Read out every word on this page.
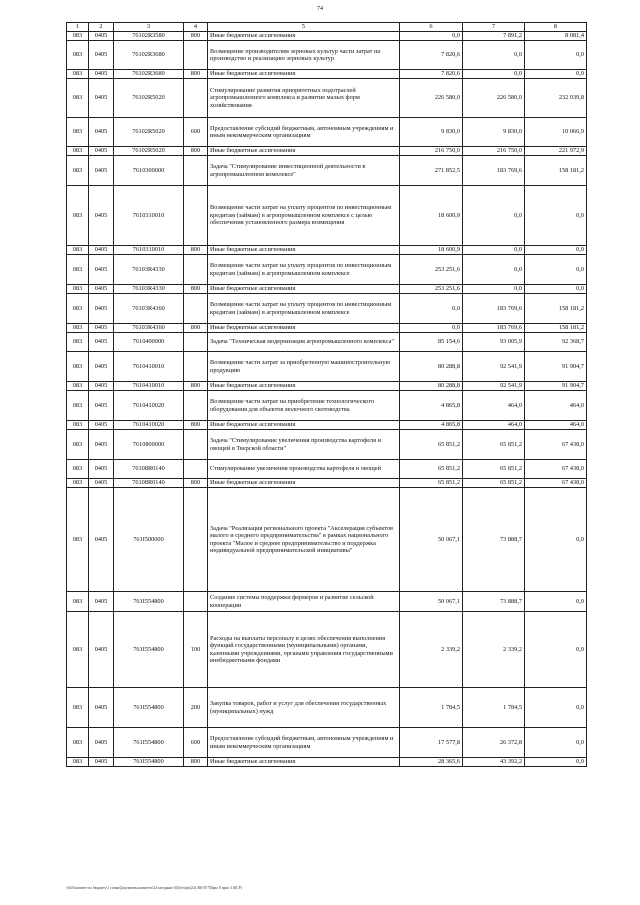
74
1	2	3	4	5	6	7	8
083	0405	76102R3580	800	Иные бюджетные ассигнования	0,0	7 891,2	8 081,4
083	0405	76102R3680		Возмещение производителям зерновых культур части затрат на производство и реализацию зерновых культур	7 820,6	0,0	0,0
083	0405	76102R3680	800	Иные бюджетные ассигнования	7 820,6	0,0	0,0
083	0405	76102R5020		Стимулирование развития приоритетных подотраслей агропромышленного комплекса и развитие малых форм хозяйствования	226 580,0	226 580,0	232 039,8
083	0405	76102R5020	600	Предоставление субсидий бюджетным, автономным учреждениям и иным некоммерческим организациям	9 830,0	9 830,0	10 066,9
083	0405	76102R5020	800	Иные бюджетные ассигнования	216 750,0	216 750,0	221 972,9
083	0405	7610300000		Задача "Стимулирование инвестиционной деятельности в агропромышленном комплексе"	271 852,5	183 769,6	158 181,2
083	0405	7610310010		Возмещение части затрат на уплату процентов по инвестиционным кредитам (займам) в агропромышленном комплексе с целью обеспечения установленного размера возмещения	18 600,9	0,0	0,0
083	0405	7610310010	800	Иные бюджетные ассигнования	18 600,9	0,0	0,0
083	0405	76103R4330		Возмещение части затрат на уплату процентов по инвестиционным кредитам (займам) в агропромышленном комплексе	253 251,6	0,0	0,0
083	0405	76103R4330	800	Иные бюджетные ассигнования	253 251,6	0,0	0,0
083	0405	76103R4360		Возмещение части затрат на уплату процентов по инвестиционным кредитам (займам) в агропромышленном комплексе	0,0	183 769,6	158 181,2
083	0405	76103R4360	800	Иные бюджетные ассигнования	0,0	183 769,6	158 181,2
083	0405	7610400000		Задача "Техническая модернизация агропромышленного комплекса"	85 154,6	93 005,9	92 368,7
083	0405	7610410010		Возмещение части затрат за приобретенную машиностроительную продукцию	80 288,8	92 541,9	91 904,7
083	0405	7610410010	800	Иные бюджетные ассигнования	80 288,8	92 541,9	91 904,7
083	0405	7610410020		Возмещение части затрат на приобретение технологического оборудования для объектов молочного скотоводства	4 865,8	464,0	464,0
083	0405	7610410020	800	Иные бюджетные ассигнования	4 865,8	464,0	464,0
083	0405	7610800000		Задача "Стимулирование увеличения производства картофеля и овощей в Тверской области"	65 851,2	65 851,2	67 438,0
083	0405	76108R0140		Стимулирование увеличения производства картофеля и овощей	65 851,2	65 851,2	67 438,0
083	0405	76108R0140	800	Иные бюджетные ассигнования	65 851,2	65 851,2	67 438,0
083	0405	761I500000		Задача "Реализация регионального проекта "Акселерация субъектов малого и среднего предпринимательства" в рамках национального проекта "Малое и среднее предпринимательство и поддержка индивидуальной предпринимательской инициативы"	50 067,1	73 888,7	0,0
083	0405	761I554800		Создание системы поддержки фермеров и развитие сельской кооперации	50 067,1	73 888,7	0,0
083	0405	761I554800	100	Расходы на выплаты персоналу в целях обеспечения выполнения функций государственными (муниципальными) органами, казенными учреждениями, органами управления государственными внебюджетными фондами	2 339,2	2 339,2	0,0
083	0405	761I554800	200	Закупка товаров, работ и услуг для обеспечения государственных (муниципальных) нужд	1 784,5	1 784,5	0,0
083	0405	761I554800	600	Предоставление субсидий бюджетным, автономным учреждениям и иным некоммерческим организациям	17 577,8	26 372,8	0,0
083	0405	761I554800	800	Иные бюджетные ассигнования	28 365,6	43 392,2	0,0
\\fs01\комитет по бюджету\1 созыв\Документы комитета\24 заседание (04)\з-н\рп(24) 466-П-7\Прил 8 прил 3 (КСР)
